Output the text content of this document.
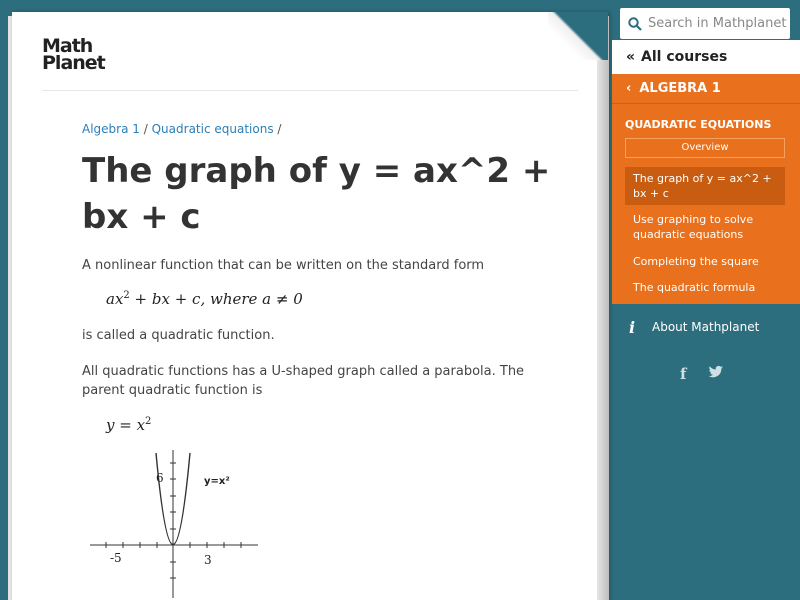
Math
Planet
Algebra 1 / Quadratic equations /
The graph of y = ax^2 + bx + c

A nonlinear function that can be written on the standard form

$ax^2$ + bx + c, where a ≠ 0

is called a quadratic function.

All quadratic functions has a U-shaped graph called a parabola. The parent quadratic function is

$y = x^2$
6
-5	3
y=x²
Search in Mathplanet
« All courses
‹ ALGEBRA 1
QUADRATIC EQUATIONS
Overview
The graph of y = ax^2 + bx + c
Use graphing to solve quadratic equations
Completing the square
The quadratic formula
i	About Mathplanet
f
